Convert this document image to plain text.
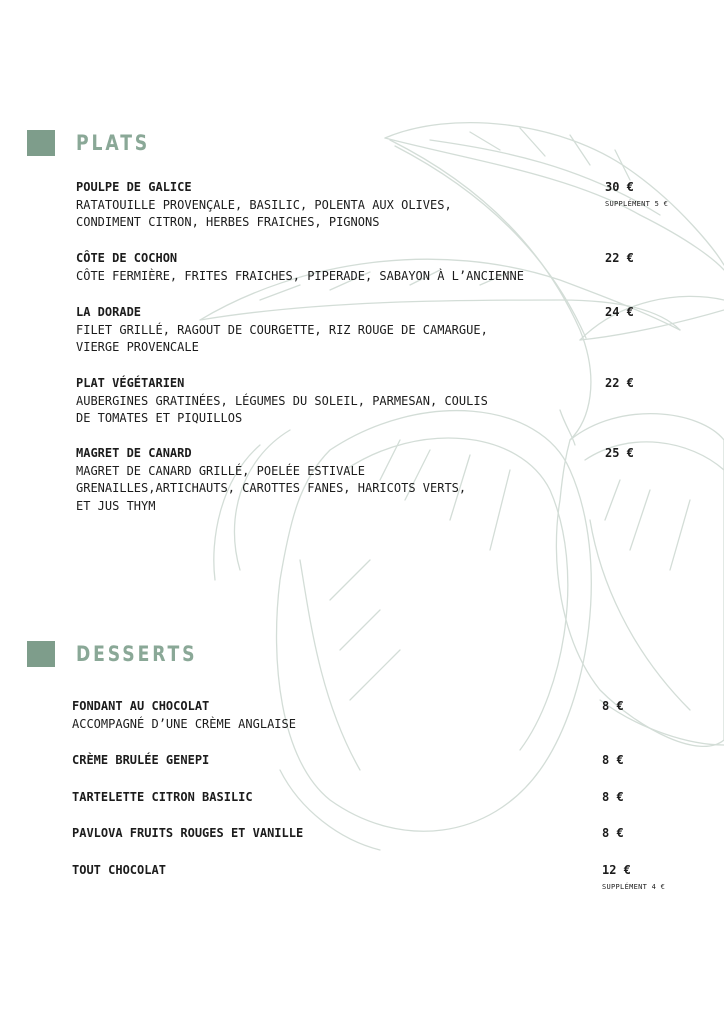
PLATS
POULPE DE GALICE
RATATOUILLE PROVENÇALE, BASILIC, POLENTA AUX OLIVES,
CONDIMENT CITRON, HERBES FRAICHES, PIGNONS
30 €
SUPPLÉMENT 5 €
CÔTE DE COCHON
CÔTE FERMIÈRE, FRITES FRAICHES, PIPERADE, SABAYON À L’ANCIENNE
22 €
LA DORADE
FILET GRILLÉ, RAGOUT DE COURGETTE, RIZ ROUGE DE CAMARGUE,
VIERGE PROVENCALE
24 €
PLAT VÉGÉTARIEN
AUBERGINES GRATINÉES, LÉGUMES DU SOLEIL, PARMESAN, COULIS
DE TOMATES ET PIQUILLOS
22 €
MAGRET DE CANARD
MAGRET DE CANARD GRILLÉ, POELÉE ESTIVALE
GRENAILLES,ARTICHAUTS, CAROTTES FANES, HARICOTS VERTS,
ET JUS THYM
25 €
DESSERTS
FONDANT AU CHOCOLAT
ACCOMPAGNÉ D’UNE CRÈME ANGLAISE
8 €
CRÈME BRULÉE GENEPI	8 €
TARTELETTE CITRON BASILIC	8 €
PAVLOVA FRUITS ROUGES ET VANILLE	8 €
TOUT CHOCOLAT	12 €
SUPPLÉMENT 4 €
